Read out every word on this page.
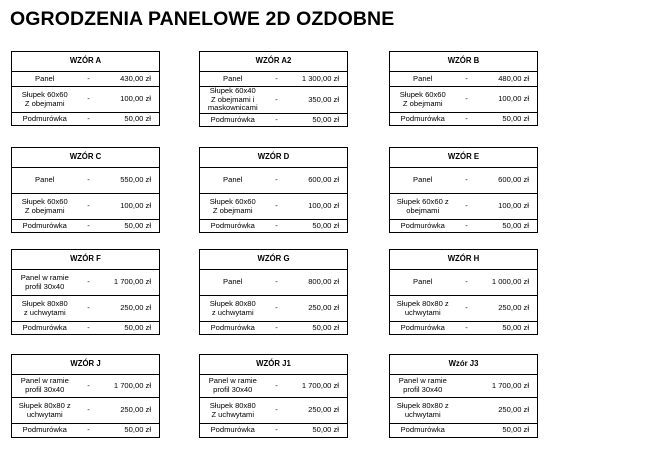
OGRODZENIA PANELOWE 2D OZDOBNE
WZÓR A		
Panel	-	430,00 zł
Słupek 60x60
Z obejmami	-	100,00 zł
Podmurówka	-	50,00 zł
WZÓR A2		
Panel	-	1 300,00 zł
Słupek 60x40
Z obejmami i
maskownicami	-	350,00 zł
Podmurówka	-	50,00 zł
WZÓR B		
Panel	-	480,00 zł
Słupek 60x60
Z obejmami	-	100,00 zł
Podmurówka	-	50,00 zł
WZÓR C		
Panel	-	550,00 zł
Słupek 60x60
Z obejmami	-	100,00 zł
Podmurówka	-	50,00 zł
WZÓR D		
Panel	-	600,00 zł
Słupek 60x60
Z obejmami	-	100,00 zł
Podmurówka	-	50,00 zł
WZÓR E		
Panel	-	600,00 zł
Słupek 60x60 z
obejmami	-	100,00 zł
Podmurówka	-	50,00 zł
WZÓR F		
Panel w ramie
profil 30x40	-	1 700,00 zł
Słupek 80x80
z uchwytami	-	250,00 zł
Podmurówka	-	50,00 zł
WZÓR G		
Panel	-	800,00 zł
Słupek 80x80
z uchwytami	-	250,00 zł
Podmurówka	-	50,00 zł
WZÓR H		
Panel	-	1 000,00 zł
Słupek 80x80 z
uchwytami	-	250,00 zł
Podmurówka	-	50,00 zł
WZÓR J		
Panel w ramie
profil 30x40	-	1 700,00 zł
Słupek 80x80 z
uchwytami	-	250,00 zł
Podmurówka	-	50,00 zł
WZÓR J1		
Panel w ramie
profil 30x40	-	1 700,00 zł
Słupek 80x80
Z uchwytami	-	250,00 zł
Podmurówka	-	50,00 zł
Wzór J3		
Panel w ramie
profil 30x40		1 700,00 zł
Słupek 80x80 z
uchwytami		250,00 zł
Podmurówka		50,00 zł
